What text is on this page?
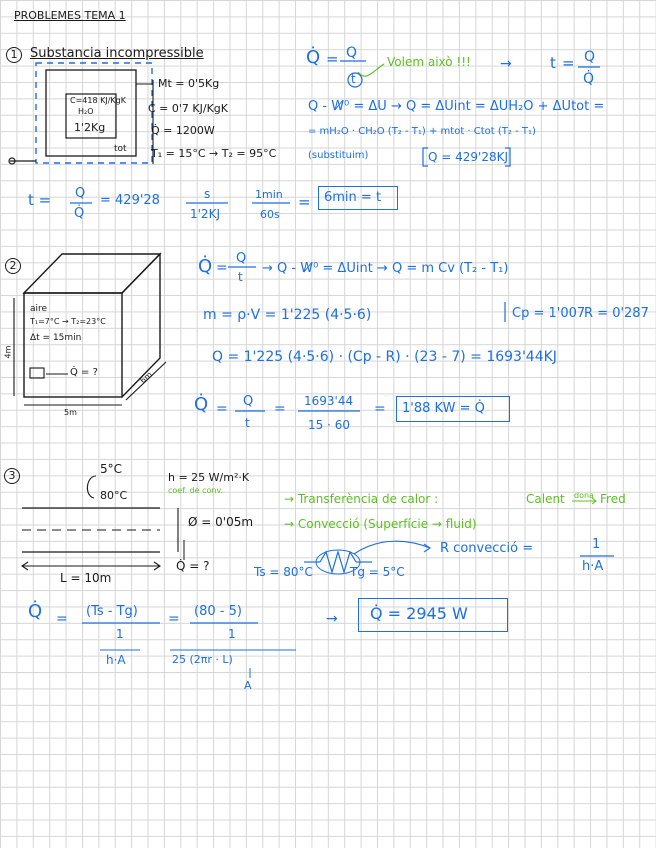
PROBLEMES TEMA 1
1 Substancia incompressible
C=418 KJ/KgK
H₂O
1'2Kg
tot
Mt = 0'5Kg
C = 0'7 KJ/KgK
Q̇ = 1200W
T₁ = 15°C → T₂ = 95°C
Q̇ = Q
t
Volem això !!! →	t = Q
Q̇
Q - W̸⁰ = ΔU → Q = ΔUint = ΔUH₂O + ΔUtot =
= mH₂O · CH₂O (T₂ - T₁) + mtot · Ctot (T₂ - T₁)
(substituim)	Q = 429'28KJ
t = Q
Q̇
= 429'28	s
1'2KJ
1min
60s
= 6min = t
2
aire
T₁=7°C → T₂=23°C
Δt = 15min
Q̇ = ?
4m
5m
6m
Q̇ =
Q
t
→ Q - W̸⁰ = ΔUint → Q = m Cv (T₂ - T₁)
m = ρ·V = 1'225 (4·5·6)	Cp = 1'007
R = 0'287
Q = 1'225 (4·5·6) · (Cp - R) · (23 - 7) = 1693'44KJ
Q̇ = Q
t
= 1693'44
15 · 60
= 1'88 KW = Q̇
3	5°C
80°C
h = 25 W/m²·K
coef. de conv.
Ø = 0'05m
L = 10m
Q̇ = ?	Ts = 80°C	Tg = 5°C
→ Transferència de calor :	Calent dona Fred
→ Convecció (Superfície → fluid)
R convecció =	1
h·A
Q̇ = (Ts - Tg)
1
h·A
= (80 - 5)
1
25 (2πr · L)
A
→ Q̇ = 2945 W
